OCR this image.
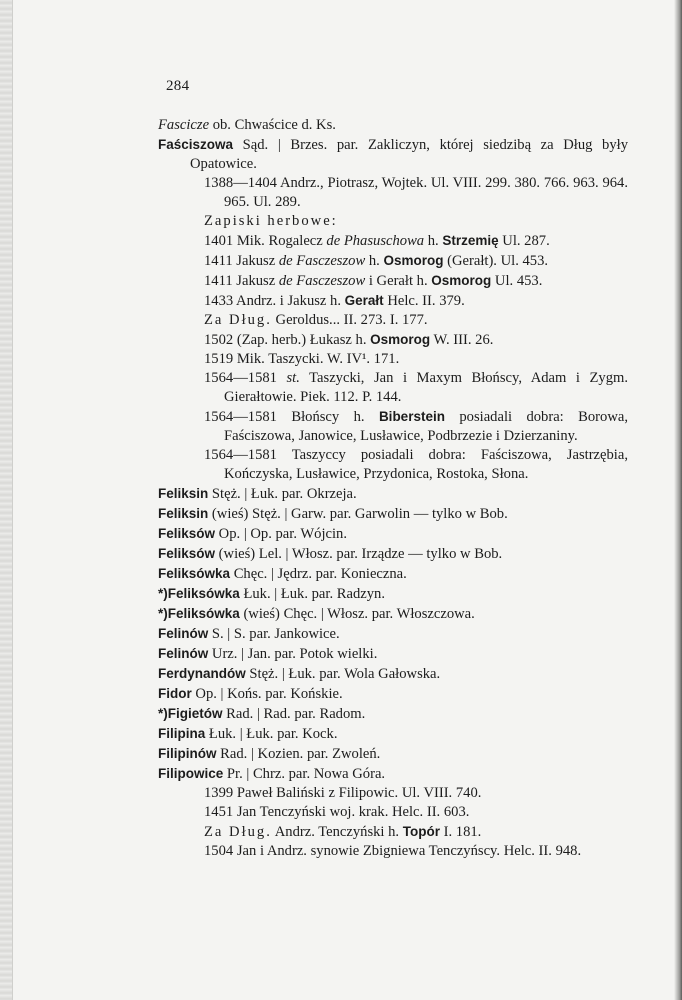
284
Fascicze ob. Chwaścice d. Ks.
Faściszowa Sąd. | Brzes. par. Zakliczyn, której siedzibą za Dług były Opatowice.
1388—1404 Andrz., Piotrasz, Wojtek. Ul. VIII. 299. 380. 766. 963. 964. 965. Ul. 289.
Zapiski herbowe:
1401 Mik. Rogalecz de Phasuschowa h. Strzemię Ul. 287.
1411 Jakusz de Fasczeszow h. Osmorog (Gerałt). Ul. 453.
1411 Jakusz de Fasczeszow i Gerałt h. Osmorog Ul. 453.
1433 Andrz. i Jakusz h. Gerałt Helc. II. 379.
Za Dług. Geroldus... II. 273. I. 177.
1502 (Zap. herb.) Łukasz h. Osmorog W. III. 26.
1519 Mik. Taszycki. W. IV¹. 171.
1564—1581 st. Taszycki, Jan i Maxym Błońscy, Adam i Zygm. Gierałtowie. Piek. 112. P. 144.
1564—1581 Błońscy h. Biberstein posiadali dobra: Borowa, Faściszowa, Janowice, Lusławice, Podbrzezie i Dzierzaniny.
1564—1581 Taszyccy posiadali dobra: Faściszowa, Jastrzębia, Kończyska, Lusławice, Przydonica, Rostoka, Słona.
Feliksin Stęż. | Łuk. par. Okrzeja.
Feliksin (wieś) Stęż. | Garw. par. Garwolin — tylko w Bob.
Feliksów Op. | Op. par. Wójcin.
Feliksów (wieś) Lel. | Włosz. par. Irządze — tylko w Bob.
Feliksówka Chęc. | Jędrz. par. Konieczna.
*)Feliksówka Łuk. | Łuk. par. Radzyn.
*)Feliksówka (wieś) Chęc. | Włosz. par. Włoszczowa.
Felinów S. | S. par. Jankowice.
Felinów Urz. | Jan. par. Potok wielki.
Ferdynandów Stęż. | Łuk. par. Wola Gałowska.
Fidor Op. | Końs. par. Końskie.
*)Figietów Rad. | Rad. par. Radom.
Filipina Łuk. | Łuk. par. Kock.
Filipinów Rad. | Kozien. par. Zwoleń.
Filipowice Pr. | Chrz. par. Nowa Góra.
1399 Paweł Baliński z Filipowic. Ul. VIII. 740.
1451 Jan Tenczyński woj. krak. Helc. II. 603.
Za Dług. Andrz. Tenczyński h. Topór I. 181.
1504 Jan i Andrz. synowie Zbigniewa Tenczyńscy. Helc. II. 948.
